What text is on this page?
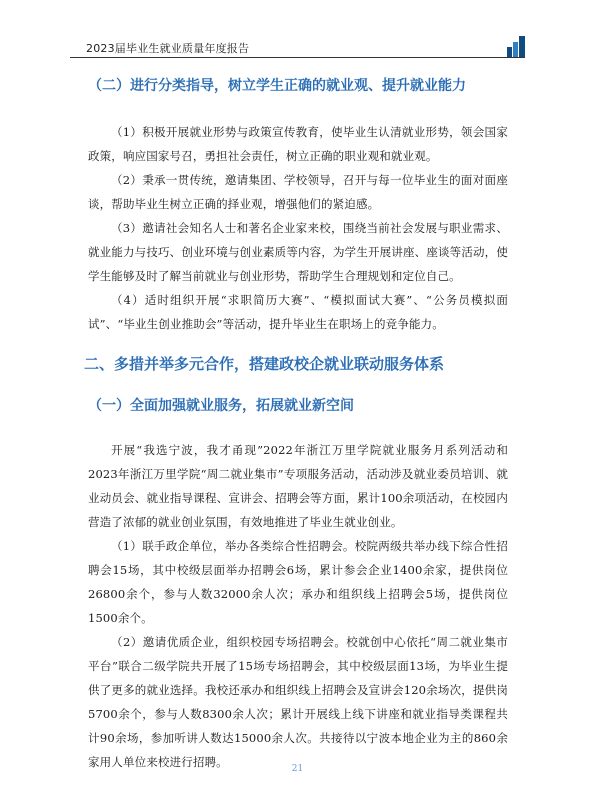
2023届毕业生就业质量年度报告
（二）进行分类指导，树立学生正确的就业观、提升就业能力

（1）积极开展就业形势与政策宣传教育，使毕业生认清就业形势，领会国家政策，响应国家号召，勇担社会责任，树立正确的职业观和就业观。

（2）秉承一贯传统，邀请集团、学校领导，召开与每一位毕业生的面对面座谈，帮助毕业生树立正确的择业观，增强他们的紧迫感。

（3）邀请社会知名人士和著名企业家来校，围绕当前社会发展与职业需求、就业能力与技巧、创业环境与创业素质等内容，为学生开展讲座、座谈等活动，使学生能够及时了解当前就业与创业形势，帮助学生合理规划和定位自己。

（4）适时组织开展“求职简历大赛”、“模拟面试大赛”、“公务员模拟面试”、“毕业生创业推助会”等活动，提升毕业生在职场上的竞争能力。

二、多措并举多元合作，搭建政校企就业联动服务体系
（一）全面加强就业服务，拓展就业新空间

开展“我选宁波，我才甬现”2022年浙江万里学院就业服务月系列活动和2023年浙江万里学院“周二就业集市”专项服务活动，活动涉及就业委员培训、就业动员会、就业指导课程、宣讲会、招聘会等方面，累计100余项活动，在校园内营造了浓郁的就业创业氛围，有效地推进了毕业生就业创业。

（1）联手政企单位，举办各类综合性招聘会。校院两级共举办线下综合性招聘会15场，其中校级层面举办招聘会6场，累计参会企业1400余家，提供岗位26800余个，参与人数32000余人次；承办和组织线上招聘会5场，提供岗位1500余个。

（2）邀请优质企业，组织校园专场招聘会。校就创中心依托“周二就业集市平台”联合二级学院共开展了15场专场招聘会，其中校级层面13场，为毕业生提供了更多的就业选择。我校还承办和组织线上招聘会及宣讲会120余场次，提供岗5700余个，参与人数8300余人次；累计开展线上线下讲座和就业指导类课程共计90余场，参加听讲人数达15000余人次。共接待以宁波本地企业为主的860余家用人单位来校进行招聘。	21
